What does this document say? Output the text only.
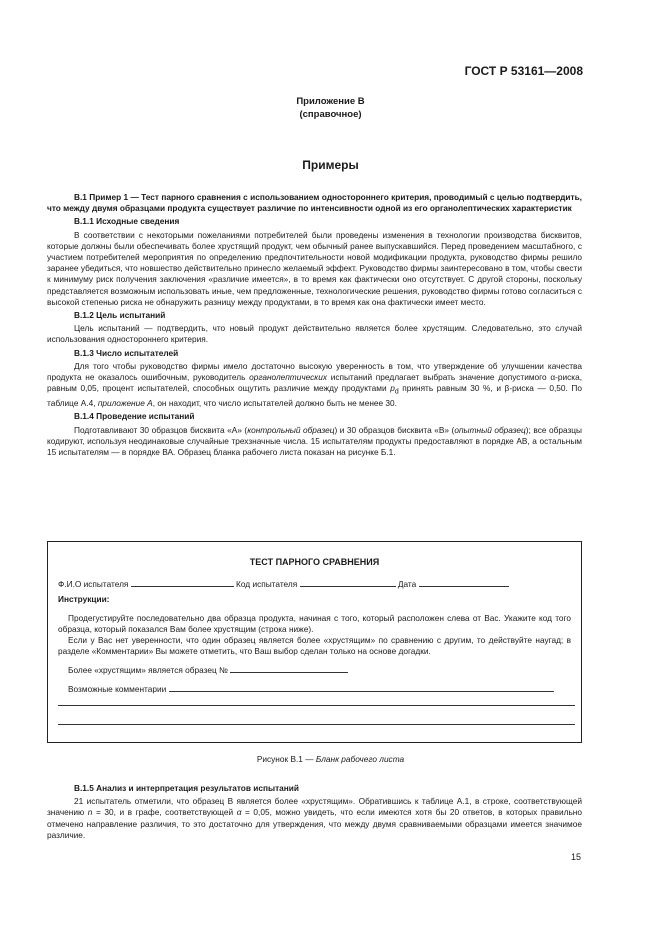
ГОСТ Р 53161—2008
Приложение В
(справочное)
Примеры

В.1 Пример 1 — Тест парного сравнения с использованием одностороннего критерия, проводимый с целью подтвердить, что между двумя образцами продукта существует различие по интенсивности одной из его органолептических характеристик

В.1.1 Исходные сведения

В соответствии с некоторыми пожеланиями потребителей были проведены изменения в технологии производства бисквитов, которые должны были обеспечивать более хрустящий продукт, чем обычный ранее выпускавшийся. Перед проведением масштабного, с участием потребителей мероприятия по определению предпочтительности новой модификации продукта, руководство фирмы решило заранее убедиться, что новшество действительно принесло желаемый эффект. Руководство фирмы заинтересовано в том, чтобы свести к минимуму риск получения заключения «различие имеется», в то время как фактически оно отсутствует. С другой стороны, поскольку представляется возможным использовать иные, чем предложенные, технологические решения, руководство фирмы готово согласиться с высокой степенью риска не обнаружить разницу между продуктами, в то время как она фактически имеет место.

В.1.2 Цель испытаний

Цель испытаний — подтвердить, что новый продукт действительно является более хрустящим. Следовательно, это случай использования одностороннего критерия.

В.1.3 Число испытателей

Для того чтобы руководство фирмы имело достаточно высокую уверенность в том, что утверждение об улучшении качества продукта не оказалось ошибочным, руководитель органолептических испытаний предлагает выбрать значение допустимого α-риска, равным 0,05, процент испытателей, способных ощутить различие между продуктами $p_d$ принять равным 30 %, и β-риска — 0,50. По таблице А.4, приложение А, он находит, что число испытателей должно быть не менее 30.

В.1.4 Проведение испытаний

Подготавливают 30 образцов бисквита «А» (контрольный образец) и 30 образцов бисквита «В» (опытный образец); все образцы кодируют, используя неодинаковые случайные трехзначные числа. 15 испытателям продукты предоставляют в порядке АВ, а остальным 15 испытателям — в порядке ВА. Образец бланка рабочего листа показан на рисунке Б.1.

ТЕСТ ПАРНОГО СРАВНЕНИЯ
Ф.И.О испытателя	Код испытателя	Дата
Инструкции:
Продегустируйте последовательно два образца продукта, начиная с того, который расположен слева от Вас. Укажите код того образца, который показался Вам более хрустящим (строка ниже).
Если у Вас нет уверенности, что один образец является более «хрустящим» по сравнению с другим, то действуйте наугад; в разделе «Комментарии» Вы можете отметить, что Ваш выбор сделан только на основе догадки.
Более «хрустящим» является образец №
Возможные комментарии
Рисунок В.1 — Бланк рабочего листа
В.1.5 Анализ и интерпретация результатов испытаний

21 испытатель отметили, что образец В является более «хрустящим». Обратившись к таблице А.1, в строке, соответствующей значению n = 30, и в графе, соответствующей α = 0,05, можно увидеть, что если имеются хотя бы 20 ответов, в которых правильно отмечено направление различия, то это достаточно для утверждения, что между двумя сравниваемыми образцами имеется значимое различие.

15
